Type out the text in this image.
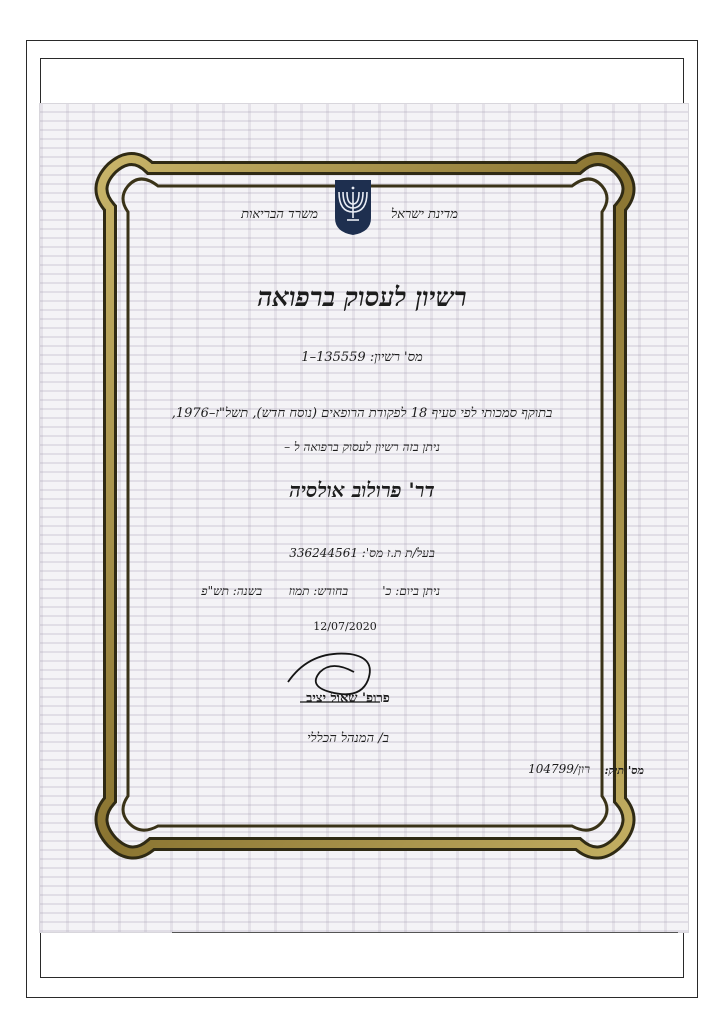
מדינת ישראל
משרד הבריאות
רשיון לעסוק ברפואה
מס' רשיון: 135559–1
בתוקף סמכותי לפי סעיף 18 לפקודת הרופאים (נוסח חדש), תשל"ז–1976,
ניתן בזה רשיון לעסוק ברפואה ל –
דר' פרולוב אולסיה
בעל/ת ת.ז מס': 336244561
ניתן ביום: כ'
בחודש: תמוז
בשנה: תש"פ
12/07/2020
פרופ' שאול יציב
ב/ המנהל הכללי
מס' תיק:
רון/104799
